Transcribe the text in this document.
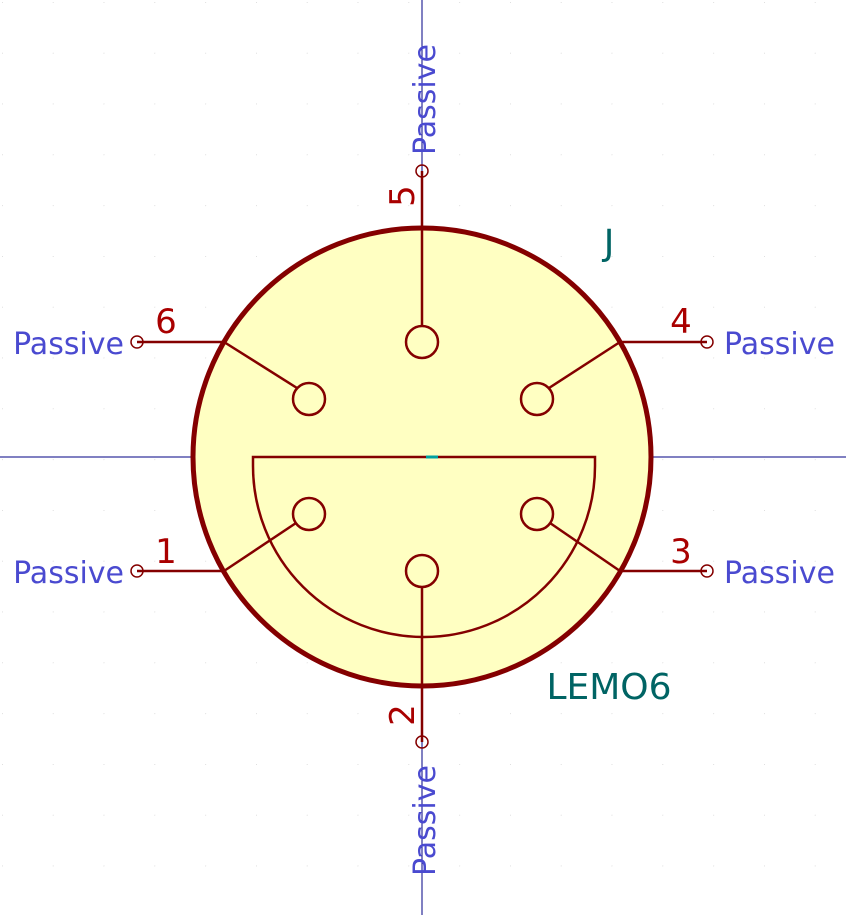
6	4
1	3
5
2
Passive	Passive
Passive	Passive
Passive
Passive
J
LEMO6
